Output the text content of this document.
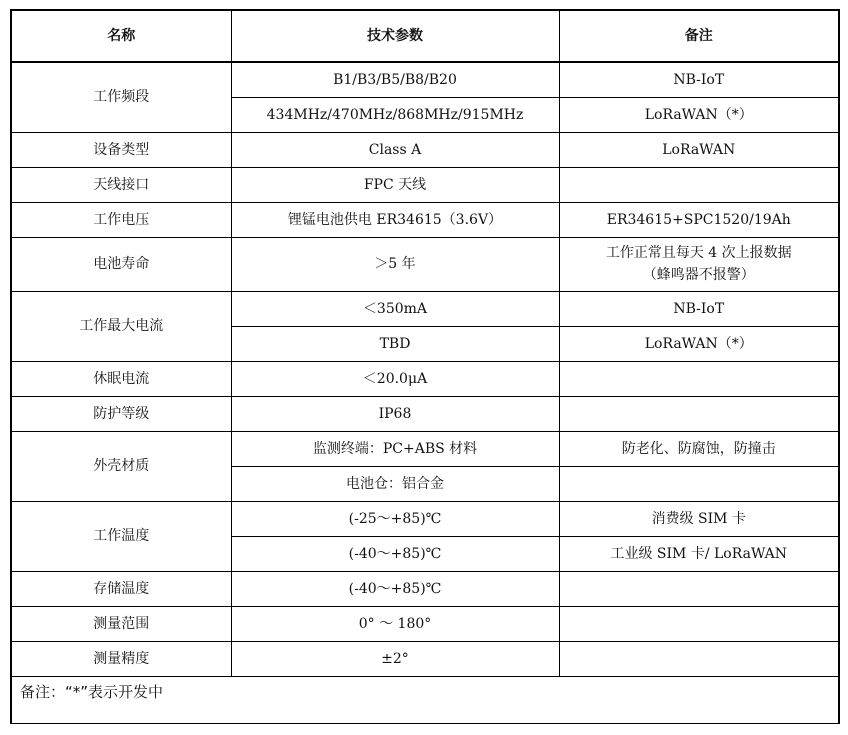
名称	技术参数	备注
工作频段	B1/B3/B5/B8/B20	NB-IoT
	434MHz/470MHz/868MHz/915MHz	LoRaWAN（*）
设备类型	Class A	LoRaWAN
天线接口	FPC 天线	
工作电压	锂锰电池供电 ER34615（3.6V）	ER34615+SPC1520/19Ah
电池寿命	＞5 年	工作正常且每天 4 次上报数据
（蜂鸣器不报警）

工作最大电流	＜350mA	NB-IoT
	TBD	LoRaWAN（*）
休眠电流	＜20.0μA	
防护等级	IP68	
外壳材质	监测终端：PC+ABS 材料	防老化、防腐蚀，防撞击
	电池仓：铝合金	
工作温度	(-25～+85)℃	消费级 SIM 卡
	(-40～+85)℃	工业级 SIM 卡/ LoRaWAN
存储温度	(-40～+85)℃	
测量范围	0° ～ 180°	
测量精度	±2°	
备注：“*”表示开发中		
